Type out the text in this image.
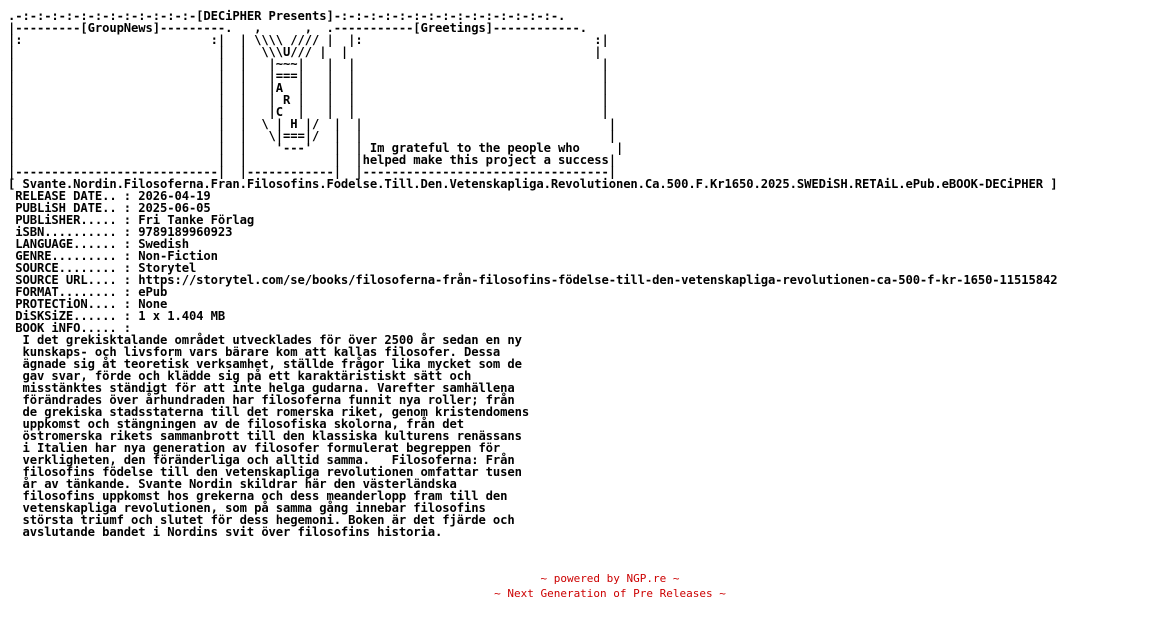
.-:-:-:-:-:-:-:-:-:-:-:-:-[DECiPHER Presents]-:-:-:-:-:-:-:-:-:-:-:-:-:-:-:-.
|---------[GroupNews]---------.   ,      ,  .-----------[Greetings]------------.
|:                          :|  | \\\\ //// |  |:                                :|
|                            |  |  \\\U/// |  |                                  |
|                            |  |   |~~~|   |  |                                  |
|                            |  |   |===|   |  |                                  |
|                            |  |   |A  |   |  |                                  |
|                            |  |   | R |   |  |                                  |
|                            |  |   |C  |   |  |                                  |
|                            |  |  \ | H |/  |  |                                  |
|                            |  |   \|===|/  |  |                                  |
|                            |  |    '---'   |  | Im grateful to the people who     |
|                            |  |            |  |helped make this project a success|
|----------------------------|  |------------|  |----------------------------------|
[ Svante.Nordin.Filosoferna.Fran.Filosofins.Fodelse.Till.Den.Vetenskapliga.Revolutionen.Ca.500.F.Kr1650.2025.SWEDiSH.RETAiL.ePub.eBOOK-DECiPHER ]
RELEASE DATE.. : 2026-04-19
PUBLiSH DATE.. : 2025-06-05
PUBLiSHER..... : Fri Tanke Förlag
iSBN.......... : 9789189960923
LANGUAGE...... : Swedish
GENRE......... : Non-Fiction
SOURCE........ : Storytel
SOURCE URL.... : https://storytel.com/se/books/filosoferna-från-filosofins-födelse-till-den-vetenskapliga-revolutionen-ca-500-f-kr-1650-11515842
FORMAT........ : ePub
PROTECTiON.... : None
DiSKSiZE...... : 1 x 1.404 MB
BOOK iNFO..... :
I det grekisktalande området utvecklades för över 2500 år sedan en ny
kunskaps- och livsform vars bärare kom att kallas filosofer. Dessa
ägnade sig åt teoretisk verksamhet, ställde frågor lika mycket som de
gav svar, förde och klädde sig på ett karaktäristiskt sätt och
misstänktes ständigt för att inte helga gudarna. Varefter samhällena
förändrades över århundraden har filosoferna funnit nya roller; från
de grekiska stadsstaterna till det romerska riket, genom kristendomens
uppkomst och stängningen av de filosofiska skolorna, från det
östromerska rikets sammanbrott till den klassiska kulturens renässans
i Italien har nya generation av filosofer formulerat begreppen för
verkligheten, den föränderliga och alltid samma.   Filosoferna: Från
filosofins födelse till den vetenskapliga revolutionen omfattar tusen
år av tänkande. Svante Nordin skildrar här den västerländska
filosofins uppkomst hos grekerna och dess meanderlopp fram till den
vetenskapliga revolutionen, som på samma gång innebar filosofins
största triumf och slutet för dess hegemoni. Boken är det fjärde och
avslutande bandet i Nordins svit över filosofins historia.
~ powered by NGP.re ~
~ Next Generation of Pre Releases ~
